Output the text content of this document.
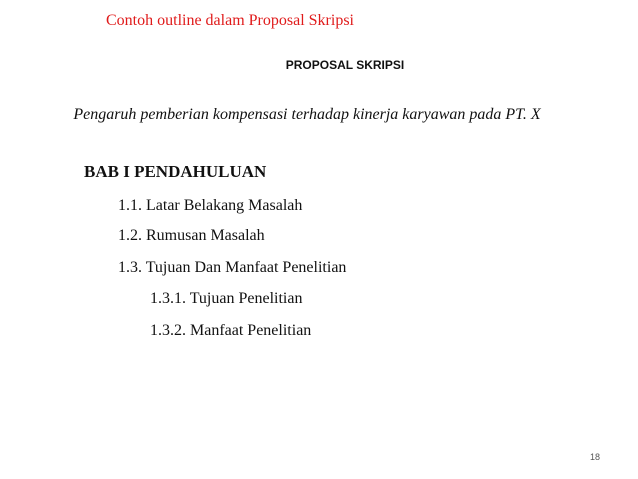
Contoh outline dalam Proposal Skripsi
PROPOSAL SKRIPSI
Pengaruh pemberian kompensasi terhadap kinerja karyawan pada PT. X
BAB I PENDAHULUAN
1.1. Latar Belakang Masalah
1.2. Rumusan Masalah
1.3. Tujuan Dan Manfaat Penelitian
1.3.1. Tujuan Penelitian
1.3.2. Manfaat Penelitian
18
